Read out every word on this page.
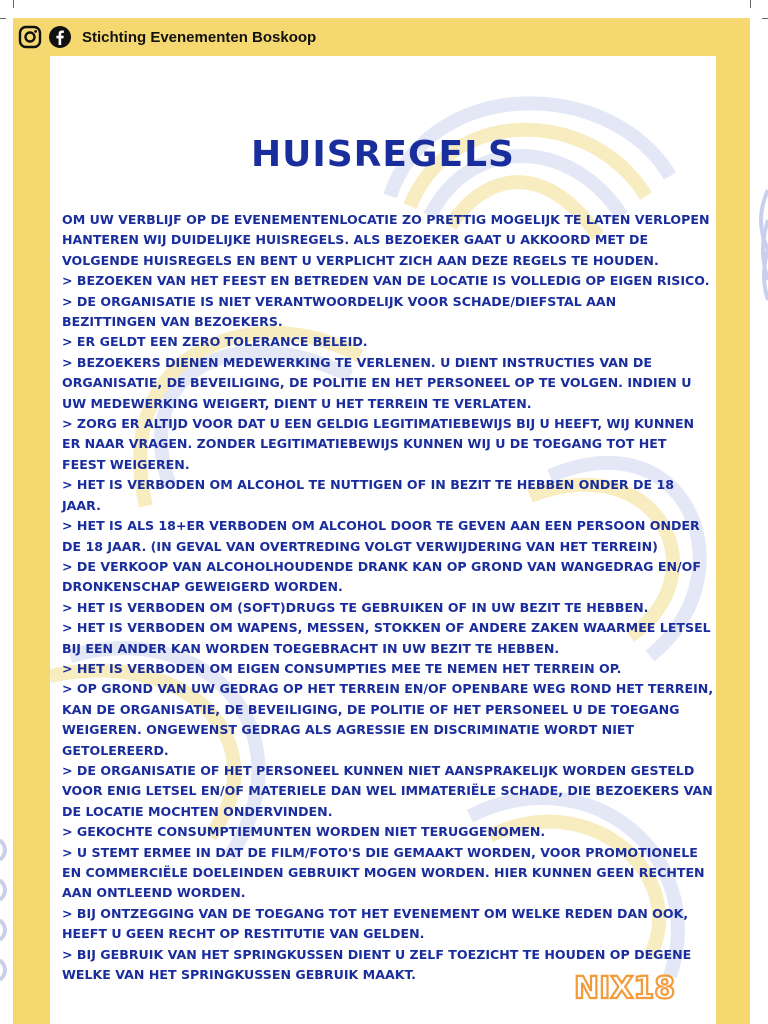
Stichting Evenementen Boskoop
HUISREGELS

OM UW VERBLIJF OP DE EVENEMENTENLOCATIE ZO PRETTIG MOGELIJK TE LATEN VERLOPEN HANTEREN WIJ DUIDELIJKE HUISREGELS. ALS BEZOEKER GAAT U AKKOORD MET DE VOLGENDE HUISREGELS EN BENT U VERPLICHT ZICH AAN DEZE REGELS TE HOUDEN.

> BEZOEKEN VAN HET FEEST EN BETREDEN VAN DE LOCATIE IS VOLLEDIG OP EIGEN RISICO.

> DE ORGANISATIE IS NIET VERANTWOORDELIJK VOOR SCHADE/DIEFSTAL AAN BEZITTINGEN VAN BEZOEKERS.

> ER GELDT EEN ZERO TOLERANCE BELEID.

> BEZOEKERS DIENEN MEDEWERKING TE VERLENEN. U DIENT INSTRUCTIES VAN DE ORGANISATIE, DE BEVEILIGING, DE POLITIE EN HET PERSONEEL OP TE VOLGEN. INDIEN U UW MEDEWERKING WEIGERT, DIENT U HET TERREIN TE VERLATEN.

> ZORG ER ALTIJD VOOR DAT U EEN GELDIG LEGITIMATIEBEWIJS BIJ U HEEFT, WIJ KUNNEN ER NAAR VRAGEN. ZONDER LEGITIMATIEBEWIJS KUNNEN WIJ U DE TOEGANG TOT HET FEEST WEIGEREN.

> HET IS VERBODEN OM ALCOHOL TE NUTTIGEN OF IN BEZIT TE HEBBEN ONDER DE 18 JAAR.

> HET IS ALS 18+ER VERBODEN OM ALCOHOL DOOR TE GEVEN AAN EEN PERSOON ONDER DE 18 JAAR. (IN GEVAL VAN OVERTREDING VOLGT VERWIJDERING VAN HET TERREIN)

> DE VERKOOP VAN ALCOHOLHOUDENDE DRANK KAN OP GROND VAN WANGEDRAG EN/OF DRONKENSCHAP GEWEIGERD WORDEN.

> HET IS VERBODEN OM (SOFT)DRUGS TE GEBRUIKEN OF IN UW BEZIT TE HEBBEN.

> HET IS VERBODEN OM WAPENS, MESSEN, STOKKEN OF ANDERE ZAKEN WAARMEE LETSEL BIJ EEN ANDER KAN WORDEN TOEGEBRACHT IN UW BEZIT TE HEBBEN.

> HET IS VERBODEN OM EIGEN CONSUMPTIES MEE TE NEMEN HET TERREIN OP.

> OP GROND VAN UW GEDRAG OP HET TERREIN EN/OF OPENBARE WEG ROND HET TERREIN, KAN DE ORGANISATIE, DE BEVEILIGING, DE POLITIE OF HET PERSONEEL U DE TOEGANG WEIGEREN. ONGEWENST GEDRAG ALS AGRESSIE EN DISCRIMINATIE WORDT NIET GETOLEREERD.

> DE ORGANISATIE OF HET PERSONEEL KUNNEN NIET AANSPRAKELIJK WORDEN GESTELD VOOR ENIG LETSEL EN/OF MATERIELE DAN WEL IMMATERIËLE SCHADE, DIE BEZOEKERS VAN DE LOCATIE MOCHTEN ONDERVINDEN.

> GEKOCHTE CONSUMPTIEMUNTEN WORDEN NIET TERUGGENOMEN.

> U STEMT ERMEE IN DAT DE FILM/FOTO'S DIE GEMAAKT WORDEN, VOOR PROMOTIONELE EN COMMERCIËLE DOELEINDEN GEBRUIKT MOGEN WORDEN. HIER KUNNEN GEEN RECHTEN AAN ONTLEEND WORDEN.

> BIJ ONTZEGGING VAN DE TOEGANG TOT HET EVENEMENT OM WELKE REDEN DAN OOK, HEEFT U GEEN RECHT OP RESTITUTIE VAN GELDEN.

> BIJ GEBRUIK VAN HET SPRINGKUSSEN DIENT U ZELF TOEZICHT TE HOUDEN OP DEGENE WELKE VAN HET SPRINGKUSSEN GEBRUIK MAAKT.	NIX18
